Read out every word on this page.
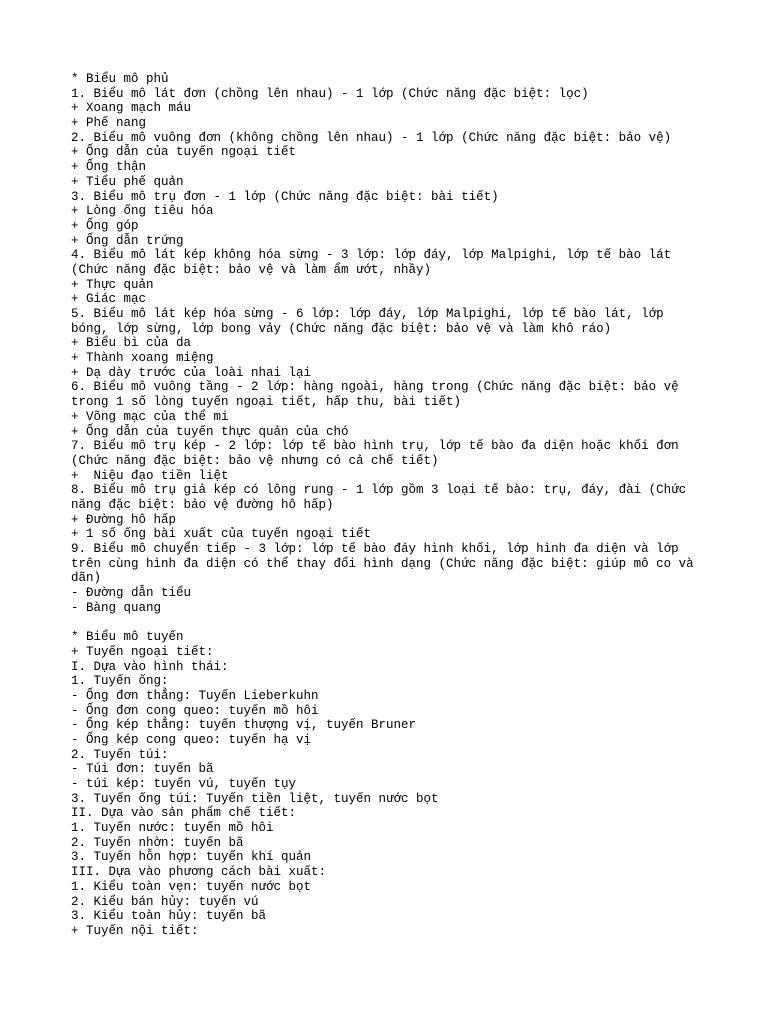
* Biểu mô phủ
1. Biểu mô lát đơn (chồng lên nhau) - 1 lớp (Chức năng đặc biệt: lọc)
+ Xoang mạch máu
+ Phế nang
2. Biểu mô vuông đơn (không chồng lên nhau) - 1 lớp (Chức năng đặc biệt: bảo vệ)
+ Ống dẫn của tuyến ngoại tiết
+ Ống thận
+ Tiểu phế quản
3. Biểu mô trụ đơn - 1 lớp (Chức năng đặc biệt: bài tiết)
+ Lòng ống tiêu hóa
+ Ống góp
+ Ống dẫn trứng
4. Biểu mô lát kép không hóa sừng - 3 lớp: lớp đáy, lớp Malpighi, lớp tế bào lát
(Chức năng đặc biệt: bảo vệ và làm ẩm ướt, nhầy)
+ Thực quản
+ Giác mạc
5. Biểu mô lát kép hóa sừng - 6 lớp: lớp đáy, lớp Malpighi, lớp tế bào lát, lớp
bóng, lớp sừng, lớp bong vảy (Chức năng đặc biệt: bảo vệ và làm khô ráo)
+ Biểu bì của da
+ Thành xoang miệng
+ Dạ dày trước của loài nhai lại
6. Biểu mô vuông tầng - 2 lớp: hàng ngoài, hàng trong (Chức năng đặc biệt: bảo vệ
trong 1 số lòng tuyến ngoại tiết, hấp thu, bài tiết)
+ Võng mạc của thể mi
+ Ống dẫn của tuyến thực quản của chó
7. Biểu mô trụ kép - 2 lớp: lớp tế bào hình trụ, lớp tế bào đa diện hoặc khối đơn
(Chức năng đặc biệt: bảo vệ nhưng có cả chế tiết)
+  Niệu đạo tiền liệt
8. Biểu mô trụ giả kép có lông rung - 1 lớp gồm 3 loại tế bào: trụ, đáy, đài (Chức
năng đặc biệt: bảo vệ đường hô hấp)
+ Đường hô hấp
+ 1 số ống bài xuất của tuyến ngoại tiết
9. Biểu mô chuyển tiếp - 3 lớp: lớp tế bào đáy hình khối, lớp hình đa diện và lớp
trên cùng hình đa diện có thể thay đổi hình dạng (Chức năng đặc biệt: giúp mô co và
dãn)
- Đường dẫn tiểu
- Bàng quang
* Biểu mô tuyến
+ Tuyến ngoại tiết:
I. Dựa vào hình thái:
1. Tuyến ống:
- Ống đơn thẳng: Tuyến Lieberkuhn
- Ống đơn cong queo: tuyến mồ hôi
- Ống kép thẳng: tuyến thượng vị, tuyến Bruner
- Ống kép cong queo: tuyến hạ vị
2. Tuyến túi:
- Túi đơn: tuyến bã
- túi kép: tuyến vú, tuyến tụy
3. Tuyến ống túi: Tuyến tiền liệt, tuyến nước bọt
II. Dựa vào sản phẩm chế tiết:
1. Tuyến nước: tuyến mồ hôi
2. Tuyến nhờn: tuyến bã
3. Tuyến hỗn hợp: tuyến khí quản
III. Dựa vào phương cách bài xuất:
1. Kiểu toàn vẹn: tuyến nước bọt
2. Kiểu bán hủy: tuyến vú
3. Kiểu toàn hủy: tuyến bã
+ Tuyến nội tiết:
